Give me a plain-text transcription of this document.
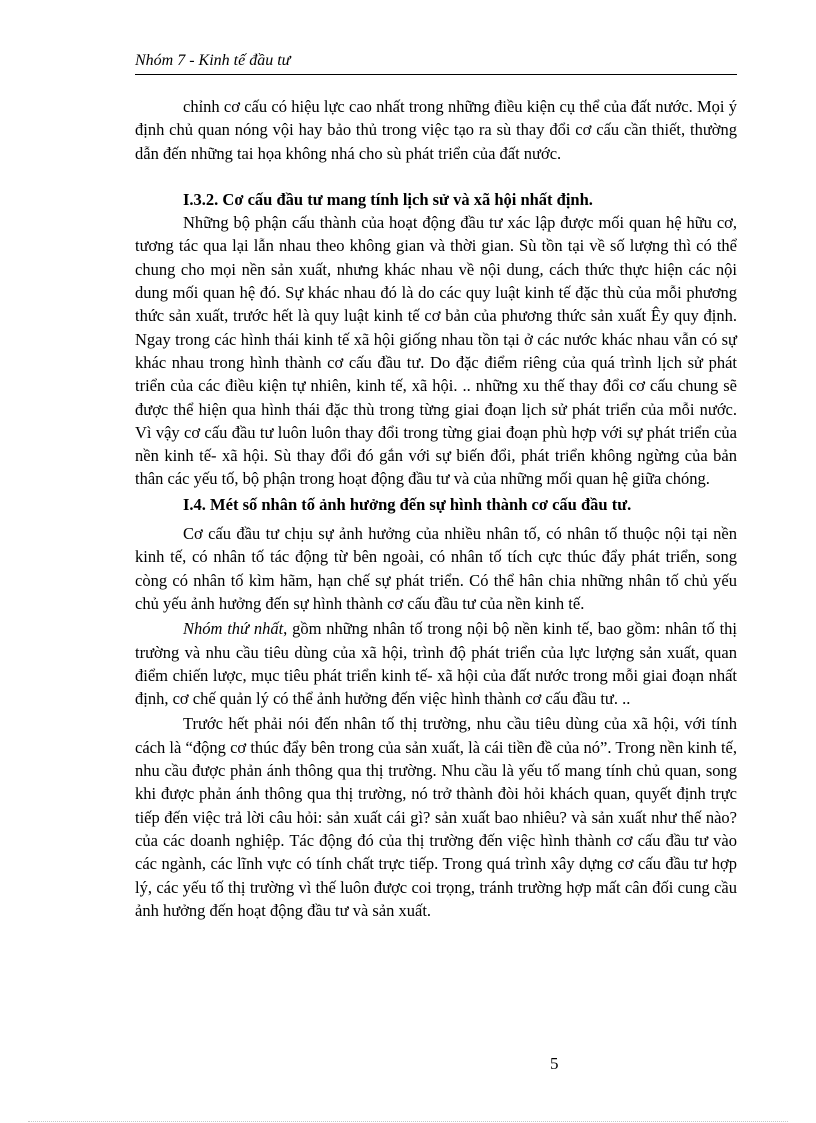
Nhóm 7 - Kinh tế đầu tư

chỉnh cơ cấu có hiệu lực cao nhất trong những điều kiện cụ thể của đất nước. Mọi ý định chủ quan nóng vội hay bảo thủ trong việc tạo ra sù thay đổi cơ cấu cần thiết, thường dẫn đến những tai họa không nhá cho sù phát triển của đất nước.

I.3.2. Cơ cấu đầu tư mang tính lịch sử và xã hội nhất định.

Những bộ phận cấu thành của hoạt động đầu tư xác lập được mối quan hệ hữu cơ, tương tác qua lại lẫn nhau theo không gian và thời gian. Sù tồn tại về số lượng thì có thể chung cho mọi nền sản xuất, nhưng khác nhau về nội dung, cách thức thực hiện các nội dung mối quan hệ đó. Sự khác nhau đó là do các quy luật kinh tế đặc thù của mỗi phương thức sản xuất, trước hết là quy luật kinh tế cơ bản của phương thức sản xuất Êy quy định. Ngay trong các hình thái kinh tế xã hội giống nhau tồn tại ở các nước khác nhau vẫn có sự khác nhau trong hình thành cơ cấu đầu tư. Do đặc điểm riêng của quá trình lịch sử phát triển của các điều kiện tự nhiên, kinh tế, xã hội. .. những xu thế thay đổi cơ cấu chung sẽ được thể hiện qua hình thái đặc thù trong từng giai đoạn lịch sử phát triển của mỗi nước. Vì vậy cơ cấu đầu tư luôn luôn thay đổi trong từng giai đoạn phù hợp với sự phát triển của nền kinh tế- xã hội. Sù thay đổi đó gắn với sự biến đổi, phát triển không ngừng của bản thân các yếu tố, bộ phận trong hoạt động đầu tư và của những mối quan hệ giữa chóng.

I.4. Mét số nhân tố ảnh hưởng đến sự hình thành cơ cấu đầu tư.

Cơ cấu đầu tư chịu sự ảnh hưởng của nhiều nhân tố, có nhân tố thuộc nội tại nền kinh tế, có nhân tố tác động từ bên ngoài, có nhân tố tích cực thúc đẩy phát triển, song còng có nhân tố kìm hãm, hạn chế sự phát triển. Có thể hân chia những nhân tố chủ yếu chủ yếu ảnh hưởng đến sự hình thành cơ cấu đầu tư của nền kinh tế.

Nhóm thứ nhất, gồm những nhân tố trong nội bộ nền kinh tế, bao gồm: nhân tố thị trường và nhu cầu tiêu dùng của xã hội, trình độ phát triển của lực lượng sản xuất, quan điểm chiến lược, mục tiêu phát triển kinh tế- xã hội của đất nước trong mỗi giai đoạn nhất định, cơ chế quản lý có thể ảnh hưởng đến việc hình thành cơ cấu đầu tư. ..

Trước hết phải nói đến nhân tố thị trường, nhu cầu tiêu dùng của xã hội, với tính cách là “động cơ thúc đẩy bên trong của sản xuất, là cái tiền đề của nó”. Trong nền kinh tế, nhu cầu được phản ánh thông qua thị trường. Nhu cầu là yếu tố mang tính chủ quan, song khi được phản ánh thông qua thị trường, nó trở thành đòi hỏi khách quan, quyết định trực tiếp đến việc trả lời câu hỏi: sản xuất cái gì? sản xuất bao nhiêu? và sản xuất như thế nào? của các doanh nghiệp. Tác động đó của thị trường đến việc hình thành cơ cấu đầu tư vào các ngành, các lĩnh vực có tính chất trực tiếp. Trong quá trình xây dựng cơ cấu đầu tư hợp lý, các yếu tố thị trường vì thế luôn được coi trọng, tránh trường hợp mất cân đối cung cầu ảnh hưởng đến hoạt động đầu tư và sản xuất.

5
